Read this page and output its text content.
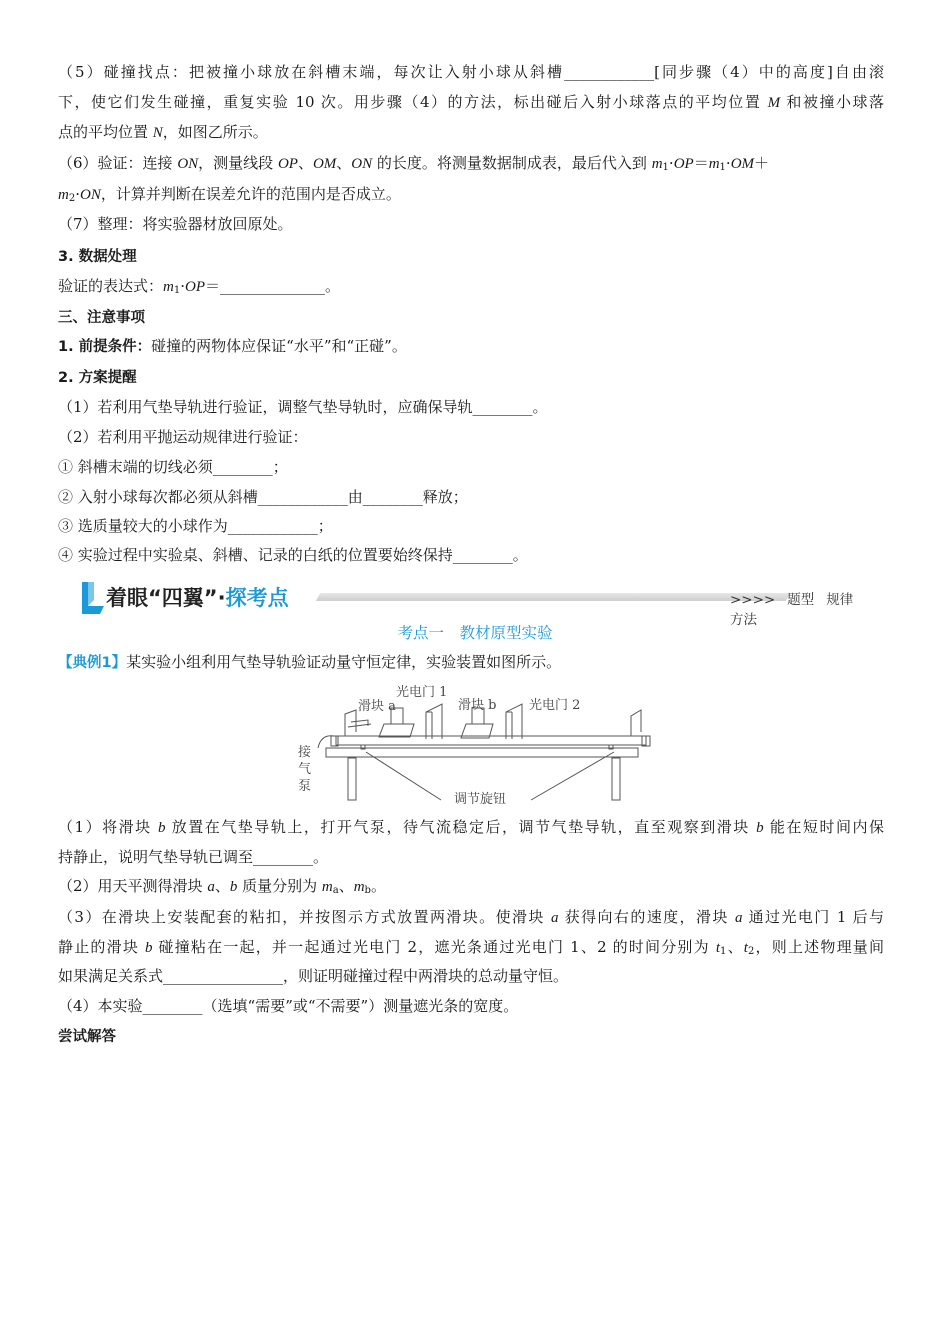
（5）碰撞找点：把被撞小球放在斜槽末端，每次让入射小球从斜槽____________[同步骤（4）中的高度]自由滚
下，使它们发生碰撞，重复实验 10 次。用步骤（4）的方法，标出碰后入射小球落点的平均位置 M 和被撞小球落
点的平均位置 N，如图乙所示。
（6）验证：连接 ON，测量线段 OP、OM、ON 的长度。将测量数据制成表，最后代入到 $m_1\cdot OP=m_1\cdot OM+$
$m_2\cdot ON$，计算并判断在误差允许的范围内是否成立。
（7）整理：将实验器材放回原处。
3. 数据处理
验证的表达式：$m_1\cdot OP=\_\_\_\_\_\_\_\_\_\_\_\_\_\_$。
三、注意事项
1. 前提条件：碰撞的两物体应保证“水平”和“正碰”。
2. 方案提醒
（1）若利用气垫导轨进行验证，调整气垫导轨时，应确保导轨________。
（2）若利用平抛运动规律进行验证：
① 斜槽末端的切线必须________；
② 入射小球每次都必须从斜槽____________由________释放；
③ 选质量较大的小球作为____________；
④ 实验过程中实验桌、斜槽、记录的白纸的位置要始终保持________。
着眼“四翼”·探考点	>>>> 题型 规律方法
考点一　教材原型实验
【典例1】某实验小组利用气垫导轨验证动量守恒定律，实验装置如图所示。
光电门 1
滑块 a	滑块 b	光电门 2
接
气
泵
调节旋钮
（1）将滑块 b 放置在气垫导轨上，打开气泵，待气流稳定后，调节气垫导轨，直至观察到滑块 b 能在短时间内保
持静止，说明气垫导轨已调至________。
（2）用天平测得滑块 a、b 质量分别为 $m_a$、$m_b$。
（3）在滑块上安装配套的粘扣，并按图示方式放置两滑块。使滑块 a 获得向右的速度，滑块 a 通过光电门 1 后与
静止的滑块 b 碰撞粘在一起，并一起通过光电门 2，遮光条通过光电门 1、2 的时间分别为 $t_1$、$t_2$，则上述物理量间
如果满足关系式________________，则证明碰撞过程中两滑块的总动量守恒。
（4）本实验________（选填“需要”或“不需要”）测量遮光条的宽度。
尝试解答
